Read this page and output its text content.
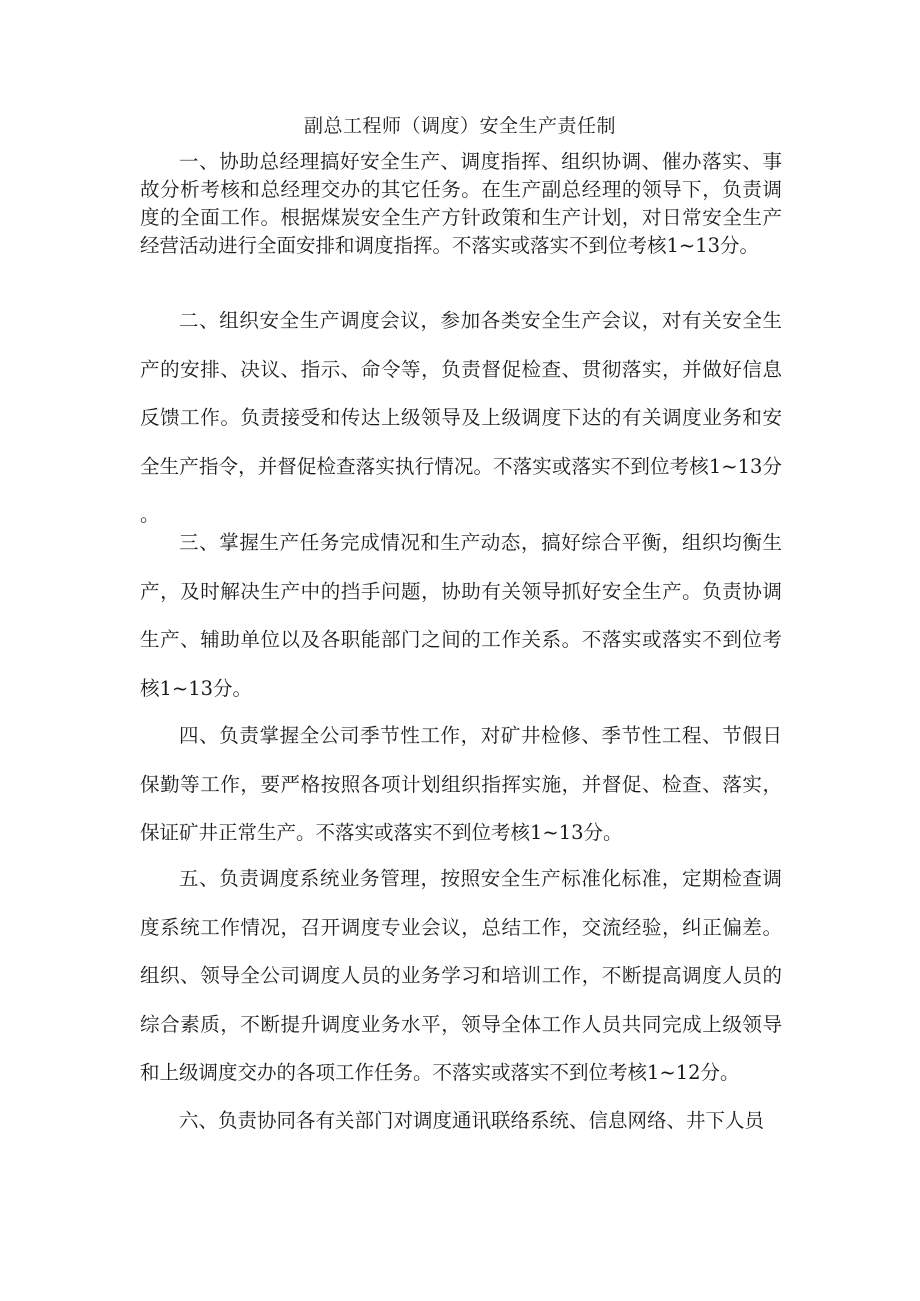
副总工程师（调度）安全生产责任制

一、协助总经理搞好安全生产、调度指挥、组织协调、催办落实、事故分析考核和总经理交办的其它任务。在生产副总经理的领导下，负责调度的全面工作。根据煤炭安全生产方针政策和生产计划，对日常安全生产经营活动进行全面安排和调度指挥。不落实或落实不到位考核1~13分。

二、组织安全生产调度会议，参加各类安全生产会议，对有关安全生产的安排、决议、指示、命令等，负责督促检查、贯彻落实，并做好信息反馈工作。负责接受和传达上级领导及上级调度下达的有关调度业务和安全生产指令，并督促检查落实执行情况。不落实或落实不到位考核1~13分。

三、掌握生产任务完成情况和生产动态，搞好综合平衡，组织均衡生产，及时解决生产中的挡手问题，协助有关领导抓好安全生产。负责协调生产、辅助单位以及各职能部门之间的工作关系。不落实或落实不到位考核1~13分。

四、负责掌握全公司季节性工作，对矿井检修、季节性工程、节假日保勤等工作，要严格按照各项计划组织指挥实施，并督促、检查、落实，保证矿井正常生产。不落实或落实不到位考核1~13分。

五、负责调度系统业务管理，按照安全生产标准化标准，定期检查调度系统工作情况，召开调度专业会议，总结工作，交流经验，纠正偏差。组织、领导全公司调度人员的业务学习和培训工作，不断提高调度人员的综合素质，不断提升调度业务水平，领导全体工作人员共同完成上级领导和上级调度交办的各项工作任务。不落实或落实不到位考核1~12分。

六、负责协同各有关部门对调度通讯联络系统、信息网络、井下人员
